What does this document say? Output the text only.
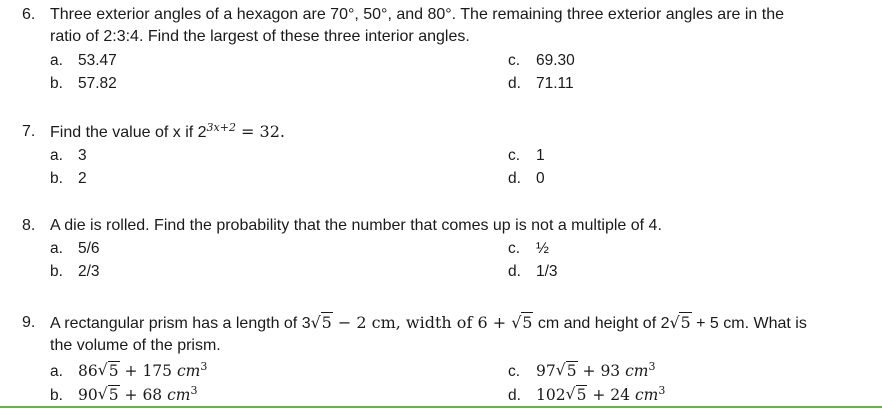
6. Three exterior angles of a hexagon are 70°, 50°, and 80°. The remaining three exterior angles are in the
ratio of 2:3:4. Find the largest of these three interior angles.
a. 53.47
b. 57.82
c. 69.30
d. 71.11
7. Find the value of x if $2^{3x+2} = 32$.
a. 3
b. 2
c. 1
d. 0
8. A die is rolled. Find the probability that the number that comes up is not a multiple of 4.
a. 5/6
b. 2/3
c. ½
d. 1/3
9. A rectangular prism has a length of 3 √ 5 − 2 cm, width of 6 + √ 5 cm and height of 2 √ 5 + 5 cm. What is
the volume of the prism.
a. 86 √ 5 + 175 $cm^3$
b. 90 √ 5 + 68 $cm^3$
c. 97 √ 5 + 93 $cm^3$
d. 102 √ 5 + 24 $cm^3$
